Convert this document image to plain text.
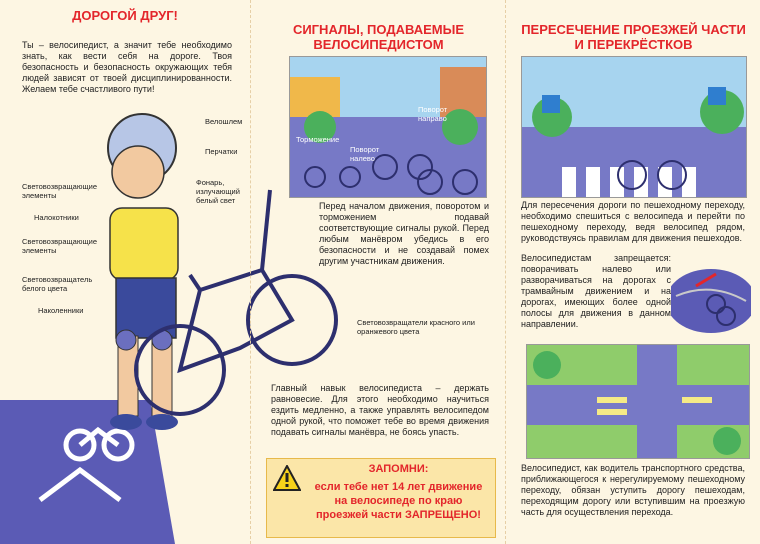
ДОРОГОЙ ДРУГ!
Ты – велосипедист, а значит тебе необходимо знать, как вести себя на дороге. Твоя безопасность и безопасность окружающих тебя людей зависят от твоей дисциплинированности. Желаем тебе счастливого пути!
Велошлем
Перчатки
Световозвращающие элементы
Фонарь, излучающий белый свет
Налокотники
Световозвращающие элементы
Световозвращатель белого цвета
Наколенники
СИГНАЛЫ, ПОДАВАЕМЫЕ
ВЕЛОСИПЕДИСТОМ
Торможение
Поворот налево
Поворот направо
Перед началом движения, поворотом и торможением подавай соответствующие сигналы рукой. Перед любым манёвром убедись в его безопасности и не создавай помех другим участникам движения.
Световозвращатели красного или оранжевого цвета
Главный навык велосипедиста – держать равновесие. Для этого необходимо научиться ездить медленно, а также управлять велосипедом одной рукой, что поможет тебе во время движения подавать сигналы манёвра, не боясь упасть.
ЗАПОМНИ:
если тебе нет 14 лет движение
на велосипеде по краю
проезжей части ЗАПРЕЩЕНО!
ПЕРЕСЕЧЕНИЕ ПРОЕЗЖЕЙ ЧАСТИ
И ПЕРЕКРЁСТКОВ
Для пересечения дороги по пешеходному переходу, необходимо спешиться с велосипеда и перейти по пешеходному переходу, ведя велосипед рядом, руководствуясь правилам для движения пешеходов.
Велосипедистам запрещается: поворачивать налево или разворачиваться на дорогах с трамвайным движением и на дорогах, имеющих более одной полосы для движения в данном направлении.
Велосипедист, как водитель транспортного средства, приближающегося к нерегулируемому пешеходному переходу, обязан уступить дорогу пешеходам, переходящим дорогу или вступившим на проезжую часть для осуществления перехода.
